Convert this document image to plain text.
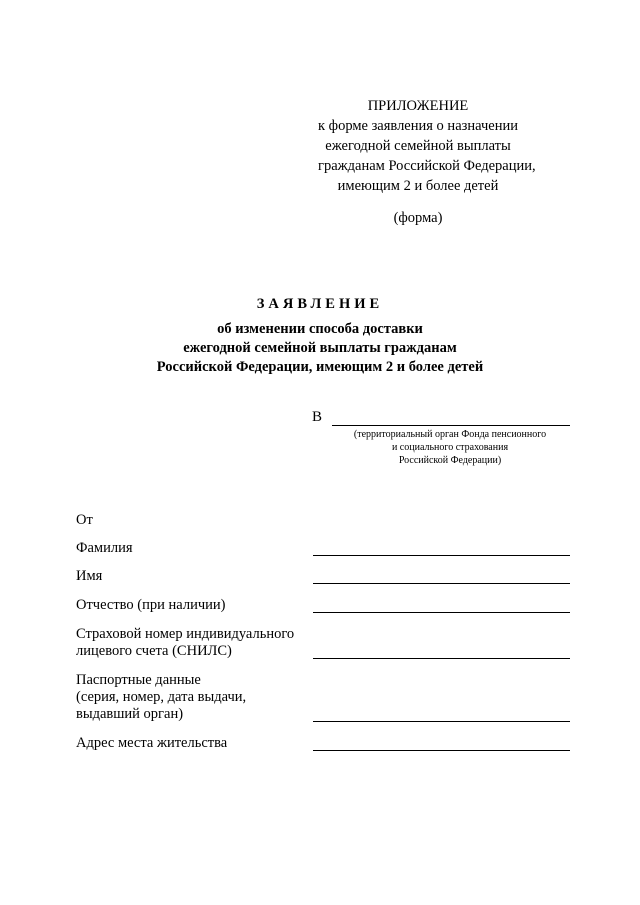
ПРИЛОЖЕНИЕ
к форме заявления о назначении
ежегодной семейной выплаты
гражданам Российской Федерации,
имеющим 2 и более детей
(форма)
ЗАЯВЛЕНИЕ
об изменении способа доставки
ежегодной семейной выплаты гражданам
Российской Федерации, имеющим 2 и более детей
В
(территориальный орган Фонда пенсионного
и социального страхования
Российской Федерации)
От
Фамилия
Имя
Отчество (при наличии)
Страховой номер индивидуального
лицевого счета (СНИЛС)
Паспортные данные
(серия, номер, дата выдачи,
выдавший орган)
Адрес места жительства
